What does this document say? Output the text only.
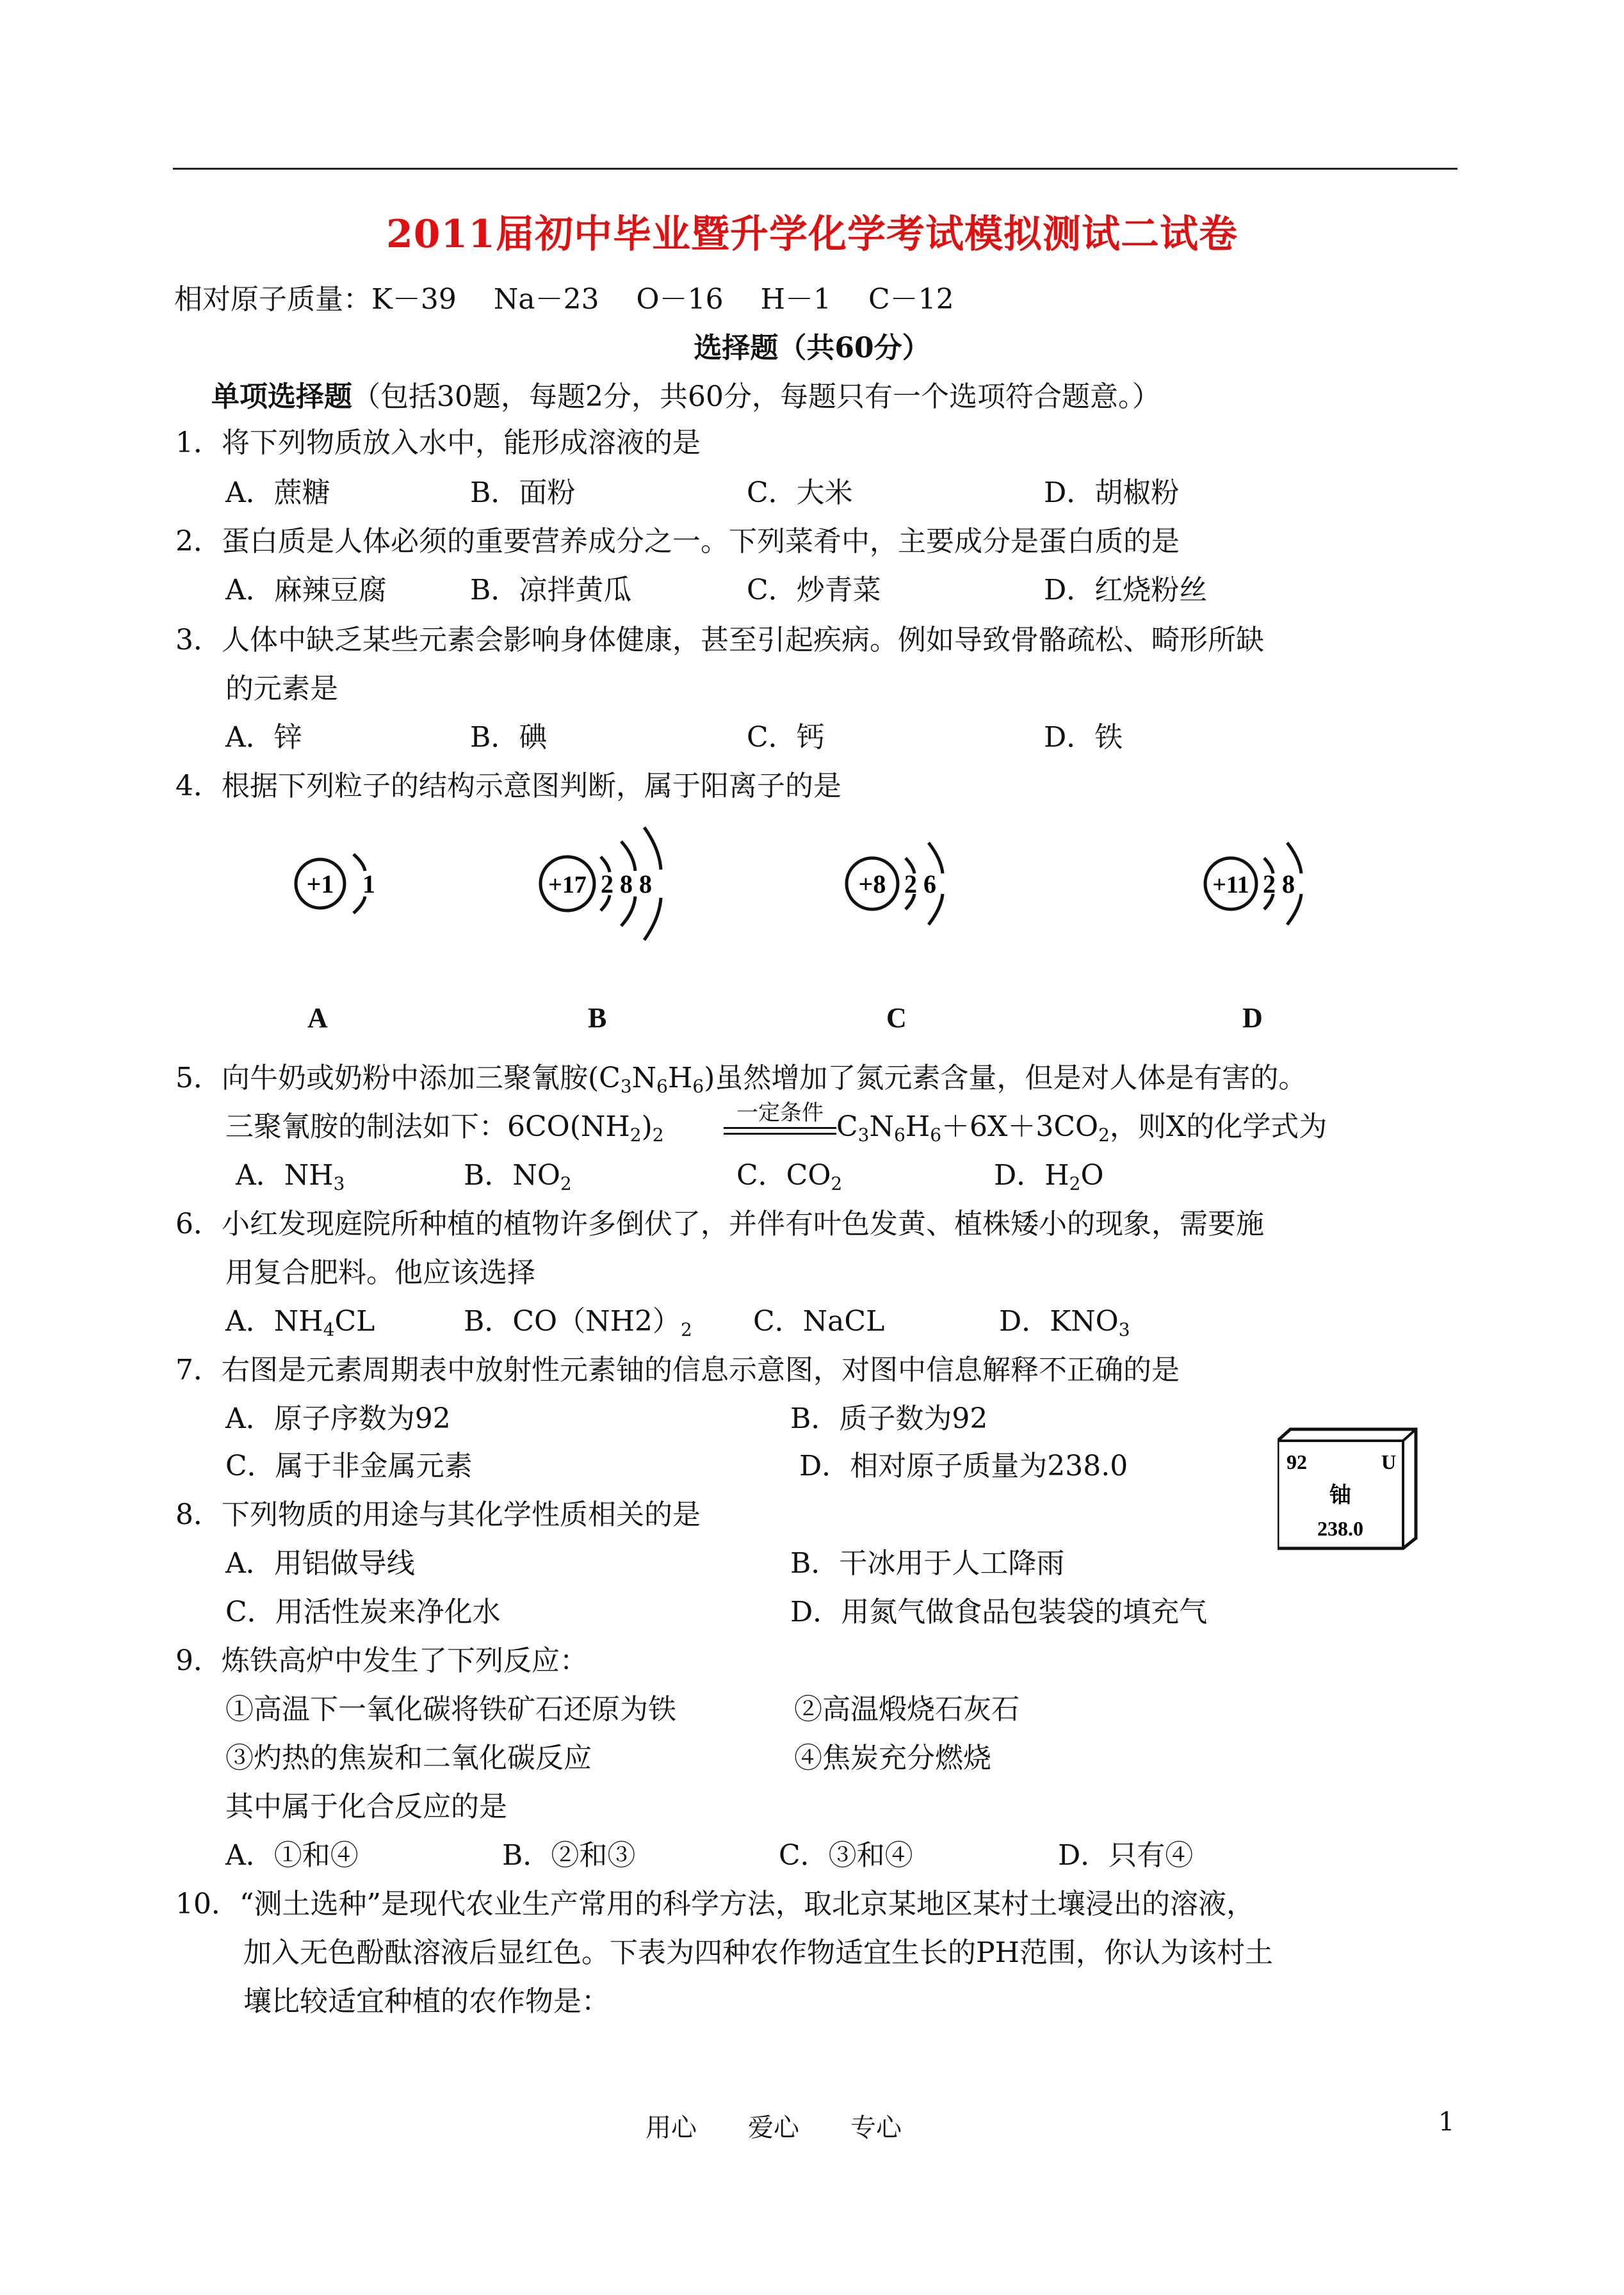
2011届初中毕业暨升学化学考试模拟测试二试卷
相对原子质量：K－39　 Na－23　 O－16　 H－1　 C－12
选择题（共60分）
单项选择题（包括30题，每题2分，共60分，每题只有一个选项符合题意。）
1．将下列物质放入水中，能形成溶液的是
A．蔗糖	B．面粉	C．大米	D．胡椒粉
2．蛋白质是人体必须的重要营养成分之一。下列菜肴中，主要成分是蛋白质的是
A．麻辣豆腐	B．凉拌黄瓜	C．炒青菜	D．红烧粉丝
3．人体中缺乏某些元素会影响身体健康，甚至引起疾病。例如导致骨骼疏松、畸形所缺
的元素是
A．锌	B．碘	C．钙	D．铁
4．根据下列粒子的结构示意图判断，属于阳离子的是
+1 1	+17 2 8 8	+8 2 6	+11 2 8
A	B	C	D
5．向牛奶或奶粉中添加三聚氰胺$(C_3N_6H_6)$虽然增加了氮元素含量，但是对人体是有害的。
三聚氰胺的制法如下：$6CO(NH_2)_2$
一定条件 $C_3N_6H_6+6X+3CO_2$，则X的化学式为
A．$NH_3$	B．$NO_2$	C．$CO_2$	D．$H_2O$
6．小红发现庭院所种植的植物许多倒伏了，并伴有叶色发黄、植株矮小的现象，需要施
用复合肥料。他应该选择
A．$NH_4CL$	B．$CO(NH2)_2$ C．NaCL	D．$KNO_3$
7．右图是元素周期表中放射性元素铀的信息示意图，对图中信息解释不正确的是
A．原子序数为92	B．质子数为92
C．属于非金属元素	D．相对原子质量为238.0	92	U
铀
238.0
8．下列物质的用途与其化学性质相关的是
A．用铝做导线	B．干冰用于人工降雨
C．用活性炭来净化水	D．用氮气做食品包装袋的填充气
9．炼铁高炉中发生了下列反应：
①高温下一氧化碳将铁矿石还原为铁	②高温煅烧石灰石
③灼热的焦炭和二氧化碳反应	④焦炭充分燃烧
其中属于化合反应的是
A．①和④	B．②和③	C．③和④	D．只有④
10．“测土选种”是现代农业生产常用的科学方法，取北京某地区某村土壤浸出的溶液，
加入无色酚酞溶液后显红色。下表为四种农作物适宜生长的PH范围，你认为该村土
壤比较适宜种植的农作物是：
用心　　爱心　　专心	1
